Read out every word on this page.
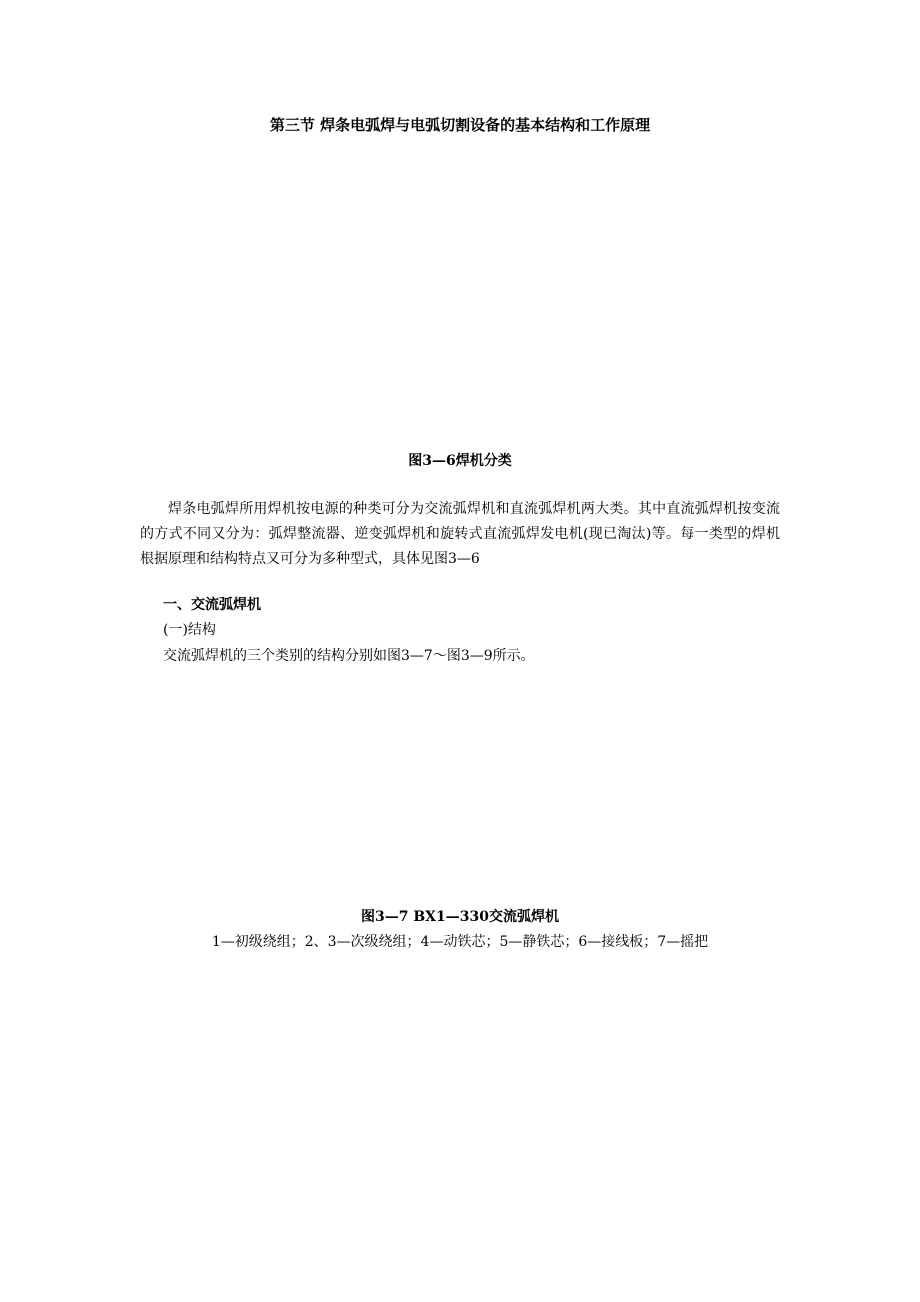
第三节 焊条电弧焊与电弧切割设备的基本结构和工作原理
图3—6焊机分类
焊条电弧焊所用焊机按电源的种类可分为交流弧焊机和直流弧焊机两大类。其中直流弧焊机按变流的方式不同又分为：弧焊整流器、逆变弧焊机和旋转式直流弧焊发电机(现已淘汰)等。每一类型的焊机根据原理和结构特点又可分为多种型式，具体见图3—6
一、交流弧焊机
(一)结构
交流弧焊机的三个类别的结构分别如图3—7～图3—9所示。
图3—7 BX1—330交流弧焊机
1—初级绕组；2、3—次级绕组；4—动铁芯；5—静铁芯；6—接线板；7—摇把
